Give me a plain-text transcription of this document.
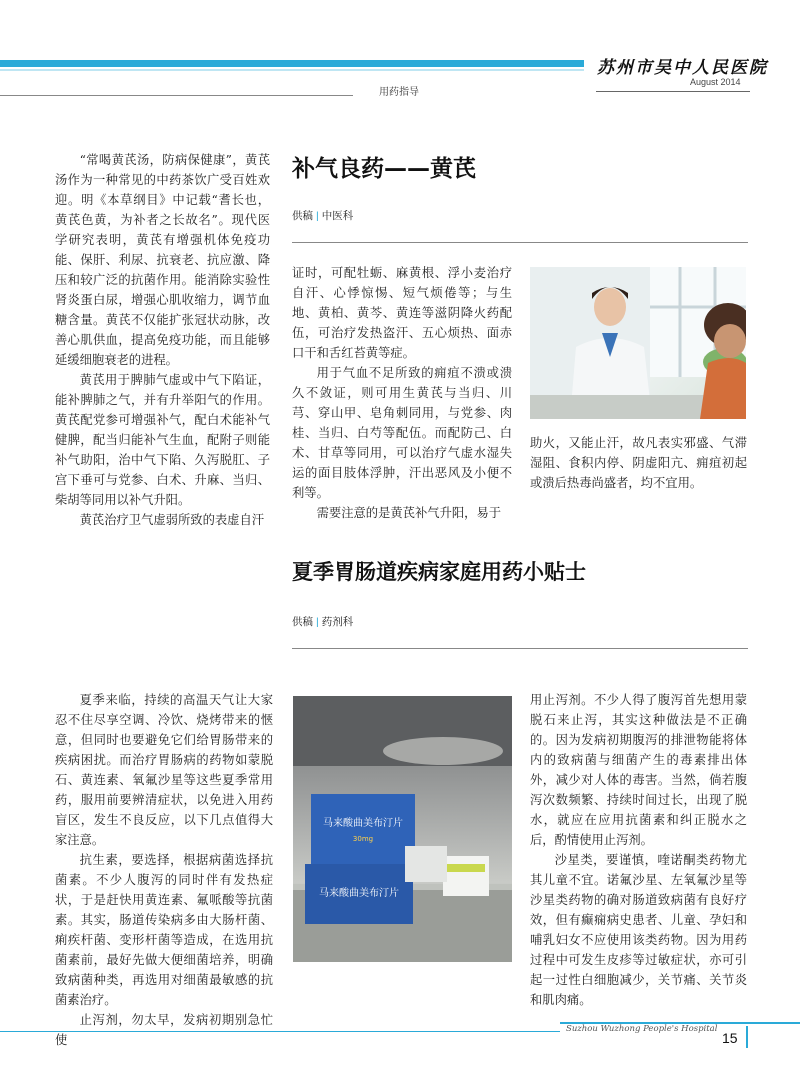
苏州市吴中人民医院
August 2014
用药指导

“常喝黄芪汤，防病保健康”，黄芪汤作为一种常见的中药茶饮广受百姓欢迎。明《本草纲目》中记载“耆长也，黄芪色黄，为补者之长故名”。现代医学研究表明，黄芪有增强机体免疫功能、保肝、利尿、抗衰老、抗应激、降压和较广泛的抗菌作用。能消除实验性肾炎蛋白尿，增强心肌收缩力，调节血糖含量。黄芪不仅能扩张冠状动脉，改善心肌供血，提高免疫功能，而且能够延缓细胞衰老的进程。

黄芪用于脾肺气虚或中气下陷证，能补脾肺之气，并有升举阳气的作用。黄芪配党参可增强补气，配白术能补气健脾，配当归能补气生血，配附子则能补气助阳，治中气下陷、久泻脱肛、子宫下垂可与党参、白术、升麻、当归、柴胡等同用以补气升阳。

黄芪治疗卫气虚弱所致的表虚自汗

补气良药——黄芪
供稿 | 中医科

证时，可配牡蛎、麻黄根、浮小麦治疗自汗、心悸惊惕、短气烦倦等；与生地、黄柏、黄芩、黄连等滋阴降火药配伍，可治疗发热盗汗、五心烦热、面赤口干和舌红苔黄等症。

用于气血不足所致的痈疽不溃或溃久不敛证，则可用生黄芪与当归、川芎、穿山甲、皂角刺同用，与党参、肉桂、当归、白芍等配伍。而配防己、白术、甘草等同用，可以治疗气虚水湿失运的面目肢体浮肿，汗出恶风及小便不利等。

需要注意的是黄芪补气升阳，易于

助火，又能止汗，故凡表实邪盛、气滞湿阻、食积内停、阴虚阳亢、痈疽初起或溃后热毒尚盛者，均不宜用。

夏季胃肠道疾病家庭用药小贴士
供稿 | 药剂科

夏季来临，持续的高温天气让大家忍不住尽享空调、冷饮、烧烤带来的惬意，但同时也要避免它们给胃肠带来的疾病困扰。而治疗胃肠病的药物如蒙脱石、黄连素、氧氟沙星等这些夏季常用药，服用前要辨清症状，以免进入用药盲区，发生不良反应，以下几点值得大家注意。

抗生素，要选择，根据病菌选择抗菌素。不少人腹泻的同时伴有发热症状，于是赶快用黄连素、氟哌酸等抗菌素。其实，肠道传染病多由大肠杆菌、痢疾杆菌、变形杆菌等造成，在选用抗菌素前，最好先做大便细菌培养，明确致病菌种类，再选用对细菌最敏感的抗菌素治疗。

止泻剂，勿太早，发病初期别急忙使

马来酸曲美布汀片
30mg
马来酸曲美布汀片

用止泻剂。不少人得了腹泻首先想用蒙脱石来止泻，其实这种做法是不正确的。因为发病初期腹泻的排泄物能将体内的致病菌与细菌产生的毒素排出体外，减少对人体的毒害。当然，倘若腹泻次数频繁、持续时间过长，出现了脱水，就应在应用抗菌素和纠正脱水之后，酌情使用止泻剂。

沙星类，要谨慎，喹诺酮类药物尤其儿童不宜。诺氟沙星、左氧氟沙星等沙星类药物的确对肠道致病菌有良好疗效，但有癫痫病史患者、儿童、孕妇和哺乳妇女不应使用该类药物。因为用药过程中可发生皮疹等过敏症状，亦可引起一过性白细胞减少，关节痛、关节炎和肌肉痛。

Suzhou Wuzhong People's Hospital
15
